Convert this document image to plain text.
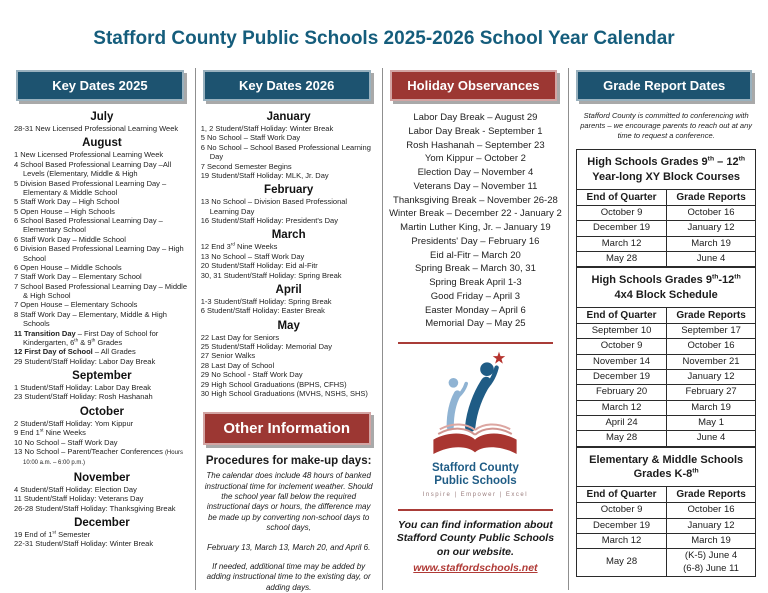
Stafford County Public Schools 2025-2026 School Year Calendar
Key Dates 2025
July
28-31 New Licensed Professional Learning Week
August
1 New Licensed Professional Learning Week
4 School Based Professional Learning Day –All Levels (Elementary, Middle & High
5 Division Based Professional Learning Day – Elementary & Middle School
5 Staff Work Day – High School
5 Open House – High Schools
6 School Based Professional Learning Day – Elementary School
6 Staff Work Day – Middle School
6 Division Based Professional Learning Day – High School
6 Open House – Middle Schools
7 Staff Work Day – Elementary School
7 School Based Professional Learning Day – Middle & High School
7 Open House – Elementary Schools
8 Staff Work Day – Elementary, Middle & High Schools
11 Transition Day – First Day of School for Kindergarten, 6th & 9th Grades
12 First Day of School – All Grades
29 Student/Staff Holiday: Labor Day Break
September
1 Student/Staff Holiday: Labor Day Break
23 Student/Staff Holiday: Rosh Hashanah
October
2 Student/Staff Holiday: Yom Kippur
9 End 1st Nine Weeks
10 No School – Staff Work Day
13 No School – Parent/Teacher Conferences (Hours 10:00 a.m. – 6:00 p.m.)
November
4 Student/Staff Holiday: Election Day
11 Student/Staff Holiday: Veterans Day
26-28 Student/Staff Holiday: Thanksgiving Break
December
19 End of 1st Semester
22-31 Student/Staff Holiday: Winter Break
Key Dates 2026
January
1, 2 Student/Staff Holiday: Winter Break
5 No School – Staff Work Day
6 No School – School Based Professional Learning Day
7 Second Semester Begins
19 Student/Staff Holiday: MLK, Jr. Day
February
13 No School – Division Based Professional Learning Day
16 Student/Staff Holiday: President's Day
March
12 End 3rd Nine Weeks
13 No School – Staff Work Day
20 Student/Staff Holiday: Eid al-Fitr
30, 31 Student/Staff Holiday: Spring Break
April
1-3 Student/Staff Holiday: Spring Break
6 Student/Staff Holiday: Easter Break
May
22 Last Day for Seniors
25 Student/Staff Holiday: Memorial Day
27 Senior Walks
28 Last Day of School
29 No School - Staff Work Day
29 High School Graduations (BPHS, CFHS)
30 High School Graduations (MVHS, NSHS, SHS)
Other Information
Procedures for make-up days:
The calendar does include 48 hours of banked instructional time for inclement weather. Should the school year fall below the required instructional days or hours, the difference may be made up by converting non-school days to school days,
February 13, March 13, March 20, and April 6.
If needed, additional time may be added by adding instructional time to the existing day, or adding days.
Holiday Observances
Labor Day Break – August 29
Labor Day Break - September 1
Rosh Hashanah – September 23
Yom Kippur – October 2
Election Day – November 4
Veterans Day – November 11
Thanksgiving Break – November 26-28
Winter Break – December 22 - January 2
Martin Luther King, Jr. – January 19
Presidents' Day – February 16
Eid al-Fitr – March 20
Spring Break – March 30, 31
Spring Break April 1-3
Good Friday – April 3
Easter Monday – April 6
Memorial Day – May 25
Stafford County
Public Schools
Inspire | Empower | Excel
You can find information about Stafford County Public Schools on our website.
www.staffordschools.net
Grade Report Dates
Stafford County is committed to conferencing with parents – we encourage parents to reach out at any time to request a conference.
High Schools Grades 9th – 12th
Year-long XY Block Courses	
End of Quarter	Grade Reports
October 9	October 16
December 19	January 12
March 12	March 19
May 28	June 4
High Schools Grades 9th-12th
4x4 Block Schedule	
End of Quarter	Grade Reports
September 10	September 17
October 9	October 16
November 14	November 21
December 19	January 12
February 20	February 27
March 12	March 19
April 24	May 1
May 28	June 4
Elementary & Middle Schools
Grades K-8th
End of Quarter	Grade Reports
October 9	October 16
December 19	January 12
March 12	March 19
May 28	(K-5) June 4
(6-8) June 11
